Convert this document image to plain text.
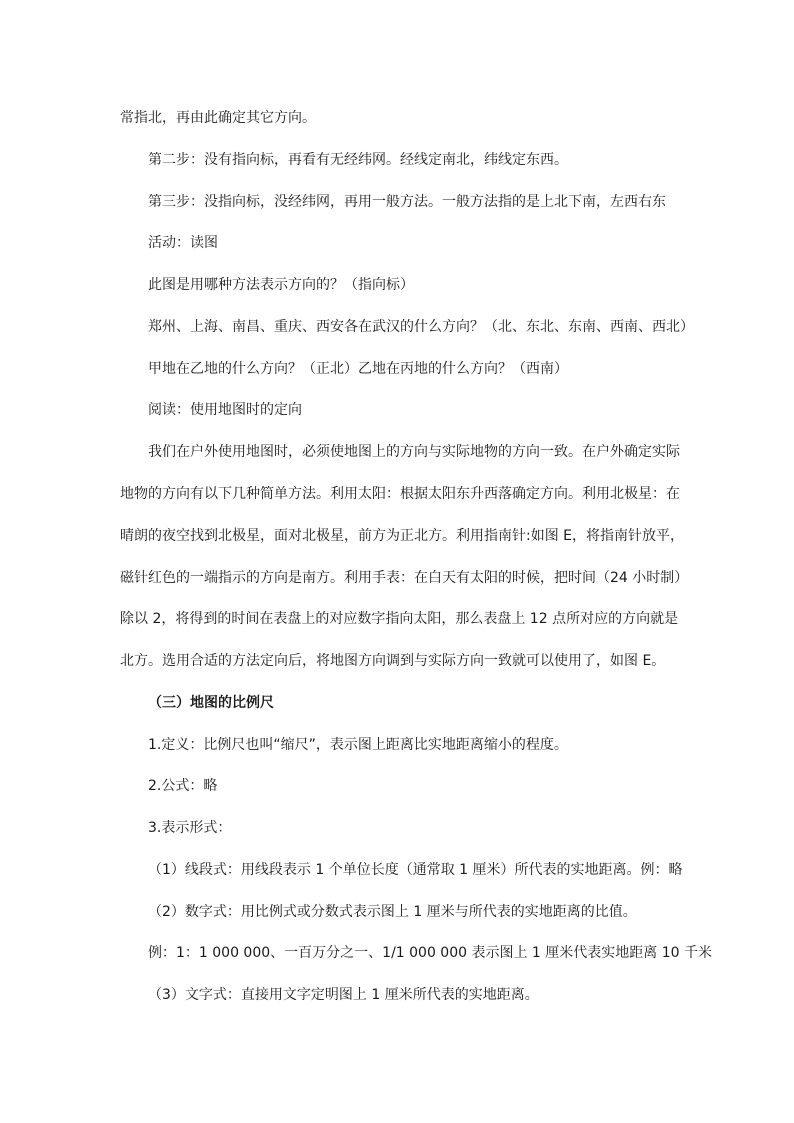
常指北，再由此确定其它方向。
第二步：没有指向标，再看有无经纬网。经线定南北，纬线定东西。
第三步：没指向标，没经纬网，再用一般方法。一般方法指的是上北下南，左西右东
活动：读图
此图是用哪种方法表示方向的？（指向标）
郑州、上海、南昌、重庆、西安各在武汉的什么方向？（北、东北、东南、西南、西北）
甲地在乙地的什么方向？（正北）乙地在丙地的什么方向？（西南）
阅读：使用地图时的定向
我们在户外使用地图时，必须使地图上的方向与实际地物的方向一致。在户外确定实际
地物的方向有以下几种简单方法。利用太阳：根据太阳东升西落确定方向。利用北极星：在
晴朗的夜空找到北极星，面对北极星，前方为正北方。利用指南针:如图 E，将指南针放平，
磁针红色的一端指示的方向是南方。利用手表：在白天有太阳的时候，把时间（24 小时制）
除以 2，将得到的时间在表盘上的对应数字指向太阳，那么表盘上 12 点所对应的方向就是
北方。选用合适的方法定向后，将地图方向调到与实际方向一致就可以使用了，如图 E。
（三）地图的比例尺
1.定义：比例尺也叫“缩尺”，表示图上距离比实地距离缩小的程度。
2.公式：略
3.表示形式：
（1）线段式：用线段表示 1 个单位长度（通常取 1 厘米）所代表的实地距离。例：略
（2）数字式：用比例式或分数式表示图上 1 厘米与所代表的实地距离的比值。
例：1：1 000 000、一百万分之一、1/1 000 000 表示图上 1 厘米代表实地距离 10 千米
（3）文字式：直接用文字定明图上 1 厘米所代表的实地距离。
